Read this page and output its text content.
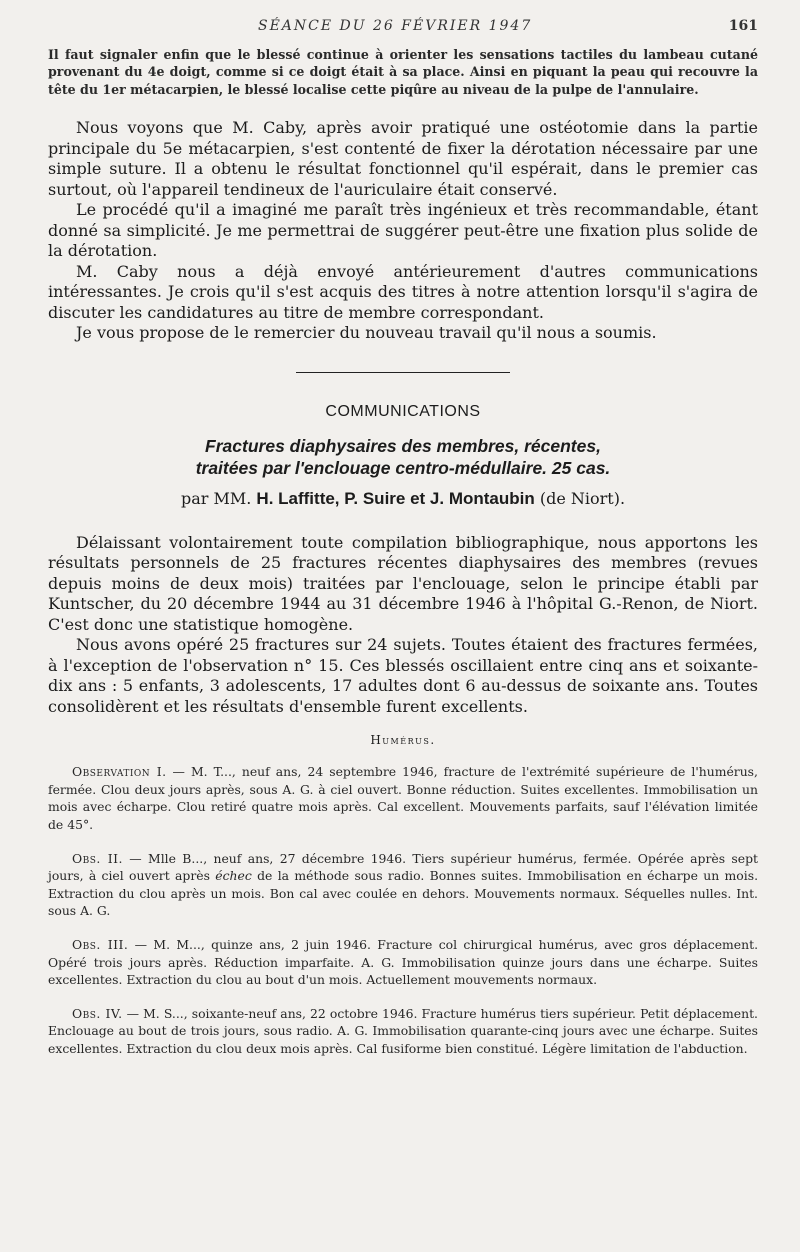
SÉANCE DU 26 FÉVRIER 1947	161

Il faut signaler enfin que le blessé continue à orienter les sensations tactiles du lambeau cutané provenant du 4e doigt, comme si ce doigt était à sa place. Ainsi en piquant la peau qui recouvre la tête du 1er métacarpien, le blessé localise cette piqûre au niveau de la pulpe de l'annulaire.

Nous voyons que M. Caby, après avoir pratiqué une ostéotomie dans la partie principale du 5e métacarpien, s'est contenté de fixer la dérotation nécessaire par une simple suture. Il a obtenu le résultat fonctionnel qu'il espérait, dans le premier cas surtout, où l'appareil tendineux de l'auriculaire était conservé.

Le procédé qu'il a imaginé me paraît très ingénieux et très recommandable, étant donné sa simplicité. Je me permettrai de suggérer peut-être une fixation plus solide de la dérotation.

M. Caby nous a déjà envoyé antérieurement d'autres communications intéressantes. Je crois qu'il s'est acquis des titres à notre attention lorsqu'il s'agira de discuter les candidatures au titre de membre correspondant.

Je vous propose de le remercier du nouveau travail qu'il nous a soumis.

COMMUNICATIONS
Fractures diaphysaires des membres, récentes,
traitées par l'enclouage centro-médullaire. 25 cas.
par MM. H. Laffitte, P. Suire et J. Montaubin (de Niort).

Délaissant volontairement toute compilation bibliographique, nous apportons les résultats personnels de 25 fractures récentes diaphysaires des membres (revues depuis moins de deux mois) traitées par l'enclouage, selon le principe établi par Kuntscher, du 20 décembre 1944 au 31 décembre 1946 à l'hôpital G.-Renon, de Niort. C'est donc une statistique homogène.

Nous avons opéré 25 fractures sur 24 sujets. Toutes étaient des fractures fermées, à l'exception de l'observation n° 15. Ces blessés oscillaient entre cinq ans et soixante-dix ans : 5 enfants, 3 adolescents, 17 adultes dont 6 au-dessus de soixante ans. Toutes consolidèrent et les résultats d'ensemble furent excellents.

Humérus.

Observation I. — M. T..., neuf ans, 24 septembre 1946, fracture de l'extrémité supérieure de l'humérus, fermée. Clou deux jours après, sous A. G. à ciel ouvert. Bonne réduction. Suites excellentes. Immobilisation un mois avec écharpe. Clou retiré quatre mois après. Cal excellent. Mouvements parfaits, sauf l'élévation limitée de 45°.

Obs. II. — Mlle B..., neuf ans, 27 décembre 1946. Tiers supérieur humérus, fermée. Opérée après sept jours, à ciel ouvert après échec de la méthode sous radio. Bonnes suites. Immobilisation en écharpe un mois. Extraction du clou après un mois. Bon cal avec coulée en dehors. Mouvements normaux. Séquelles nulles. Int. sous A. G.

Obs. III. — M. M..., quinze ans, 2 juin 1946. Fracture col chirurgical humérus, avec gros déplacement. Opéré trois jours après. Réduction imparfaite. A. G. Immobilisation quinze jours dans une écharpe. Suites excellentes. Extraction du clou au bout d'un mois. Actuellement mouvements normaux.

Obs. IV. — M. S..., soixante-neuf ans, 22 octobre 1946. Fracture humérus tiers supérieur. Petit déplacement. Enclouage au bout de trois jours, sous radio. A. G. Immobilisation quarante-cinq jours avec une écharpe. Suites excellentes. Extraction du clou deux mois après. Cal fusiforme bien constitué. Légère limitation de l'abduction.
